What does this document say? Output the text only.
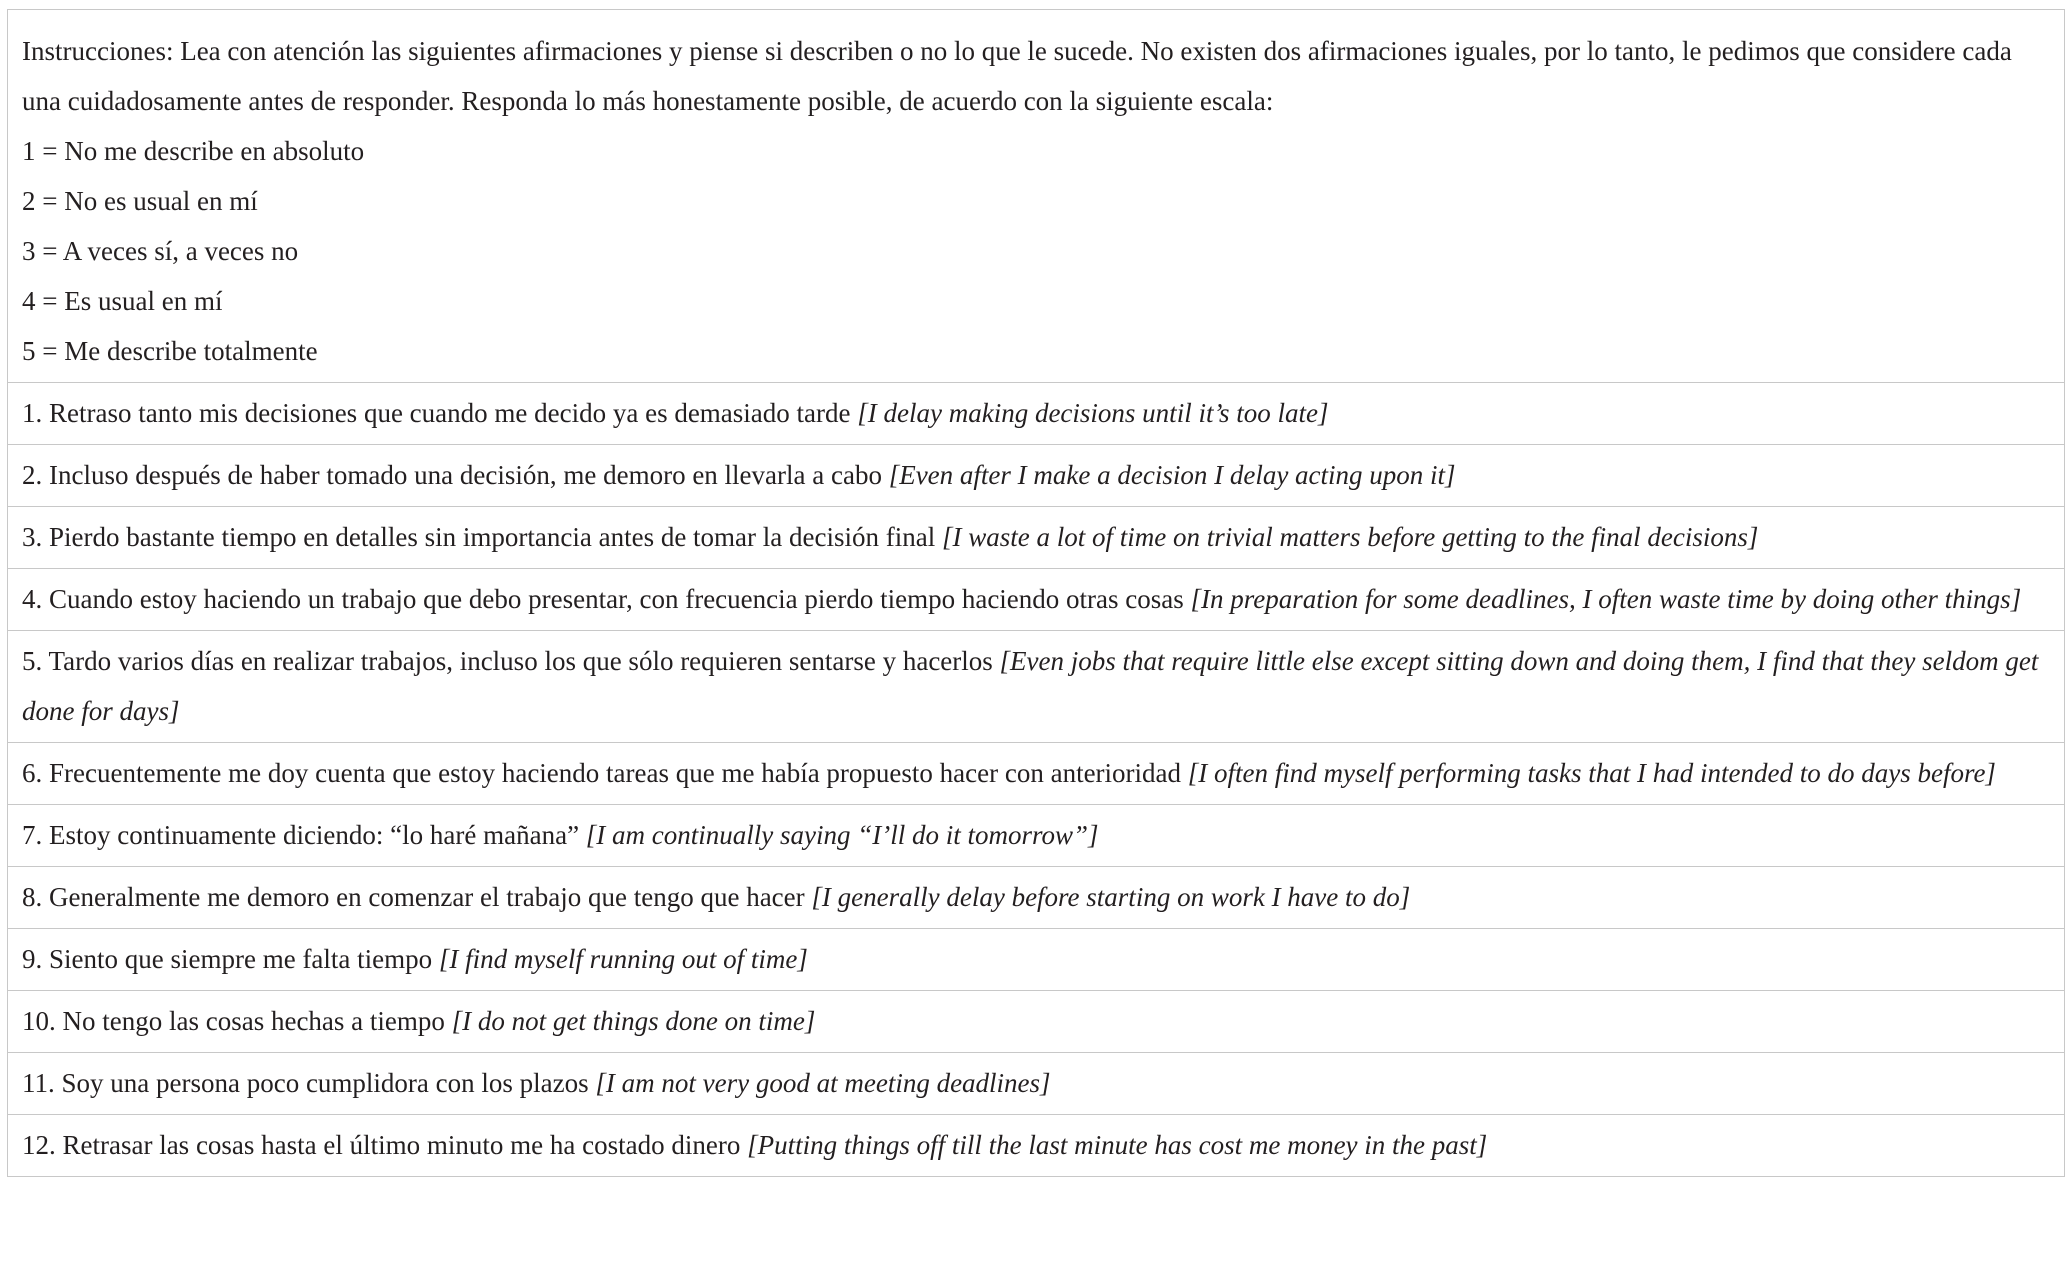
Instrucciones: Lea con atención las siguientes afirmaciones y piense si describen o no lo que le sucede. No existen dos afirmaciones iguales, por lo tanto, le pedimos que considere cada una cuidadosamente antes de responder. Responda lo más honestamente posible, de acuerdo con la siguiente escala:
1 = No me describe en absoluto
2 = No es usual en mí
3 = A veces sí, a veces no
4 = Es usual en mí
5 = Me describe totalmente

1. Retraso tanto mis decisiones que cuando me decido ya es demasiado tarde [I delay making decisions until it’s too late]
2. Incluso después de haber tomado una decisión, me demoro en llevarla a cabo [Even after I make a decision I delay acting upon it]
3. Pierdo bastante tiempo en detalles sin importancia antes de tomar la decisión final [I waste a lot of time on trivial matters before getting to the final decisions]
4. Cuando estoy haciendo un trabajo que debo presentar, con frecuencia pierdo tiempo haciendo otras cosas [In preparation for some deadlines, I often waste time by doing other things]
5. Tardo varios días en realizar trabajos, incluso los que sólo requieren sentarse y hacerlos [Even jobs that require little else except sitting down and doing them, I find that they seldom get done for days]
6. Frecuentemente me doy cuenta que estoy haciendo tareas que me había propuesto hacer con anterioridad [I often find myself performing tasks that I had intended to do days before]
7. Estoy continuamente diciendo: “lo haré mañana” [I am continually saying “I’ll do it tomorrow”]
8. Generalmente me demoro en comenzar el trabajo que tengo que hacer [I generally delay before starting on work I have to do]
9. Siento que siempre me falta tiempo [I find myself running out of time]
10. No tengo las cosas hechas a tiempo [I do not get things done on time]
11. Soy una persona poco cumplidora con los plazos [I am not very good at meeting deadlines]
12. Retrasar las cosas hasta el último minuto me ha costado dinero [Putting things off till the last minute has cost me money in the past]
